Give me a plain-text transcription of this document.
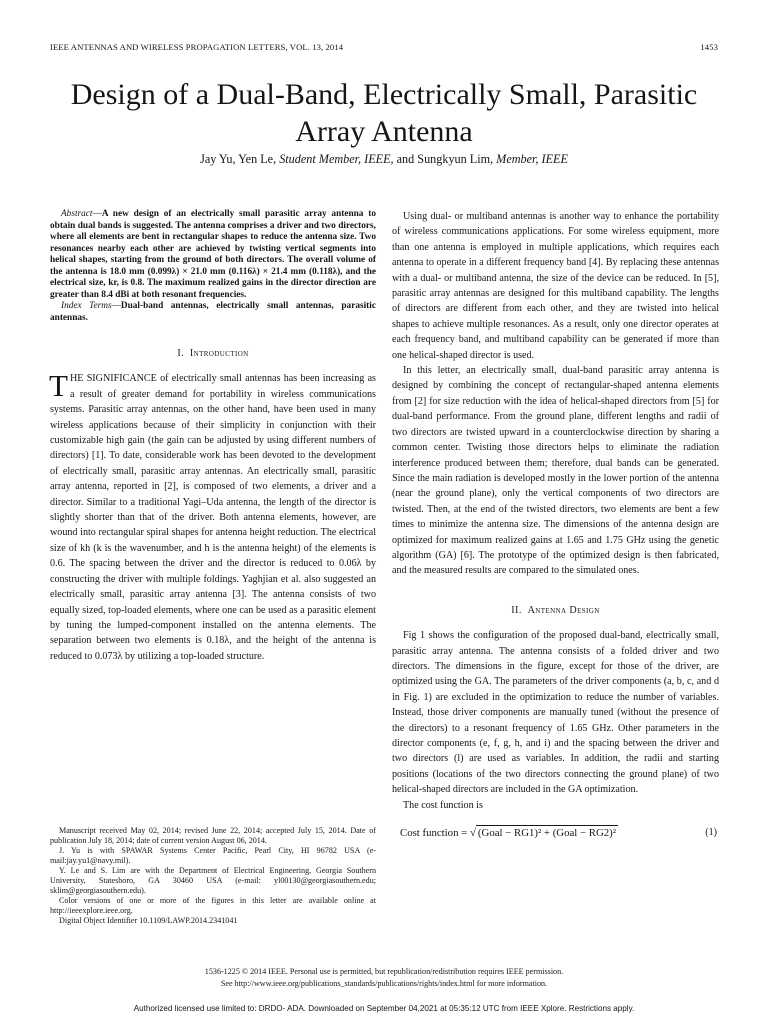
IEEE ANTENNAS AND WIRELESS PROPAGATION LETTERS, VOL. 13, 2014	1453
Design of a Dual-Band, Electrically Small, Parasitic Array Antenna
Jay Yu, Yen Le, Student Member, IEEE, and Sungkyun Lim, Member, IEEE

Abstract—A new design of an electrically small parasitic array antenna to obtain dual bands is suggested. The antenna comprises a driver and two directors, where all elements are bent in rectangular shapes to reduce the antenna size. Two resonances nearby each other are achieved by twisting vertical segments into helical shapes, starting from the ground of both directors. The overall volume of the antenna is 18.0 mm (0.099λ) × 21.0 mm (0.116λ) × 21.4 mm (0.118λ), and the electrical size, kr, is 0.8. The maximum realized gains in the director direction are greater than 8.4 dBi at both resonant frequencies.

Index Terms—Dual-band antennas, electrically small antennas, parasitic antennas.

I. Introduction

THE SIGNIFICANCE of electrically small antennas has been increasing as a result of greater demand for portability in wireless communications systems. Parasitic array antennas, on the other hand, have been used in many wireless applications because of their simplicity in conjunction with their customizable high gain (the gain can be adjusted by using different numbers of directors) [1]. To date, considerable work has been devoted to the development of electrically small, parasitic array antennas. An electrically small, parasitic array antenna, reported in [2], is composed of two elements, a driver and a director. Similar to a traditional Yagi–Uda antenna, the length of the director is slightly shorter than that of the driver. Both antenna elements, however, are wound into rectangular spiral shapes for antenna height reduction. The electrical size of kh (k is the wavenumber, and h is the antenna height) of the elements is 0.6. The spacing between the driver and the director is reduced to 0.06λ by constructing the driver with multiple foldings. Yaghjian et al. also suggested an electrically small, parasitic array antenna [3]. The antenna consists of two equally sized, top-loaded elements, where one can be used as a parasitic element by tuning the lumped-component installed on the antenna elements. The separation between two elements is 0.18λ, and the height of the antenna is reduced to 0.073λ by utilizing a top-loaded structure.

Manuscript received May 02, 2014; revised June 22, 2014; accepted July 15, 2014. Date of publication July 18, 2014; date of current version August 06, 2014.

J. Yu is with SPAWAR Systems Center Pacific, Pearl City, HI 96782 USA (e-mail:jay.yu1@navy.mil).

Y. Le and S. Lim are with the Department of Electrical Engineering, Georgia Southern University, Statesboro, GA 30460 USA (e-mail: yl00130@georgiasouthern.edu; sklim@georgiasouthern.edu).

Color versions of one or more of the figures in this letter are available online at http://ieeexplore.ieee.org.

Digital Object Identifier 10.1109/LAWP.2014.2341041

Using dual- or multiband antennas is another way to enhance the portability of wireless communications applications. For some wireless equipment, more than one antenna is employed in multiple applications, which requires each antenna to operate in a different frequency band [4]. By replacing these antennas with a dual- or multiband antenna, the size of the device can be reduced. In [5], parasitic array antennas are designed for this multiband capability. The lengths of directors are different from each other, and they are twisted into helical shapes to achieve multiple resonances. As a result, only one director operates at each frequency band, and multiband capability can be generated if more than one helical-shaped director is used.

In this letter, an electrically small, dual-band parasitic array antenna is designed by combining the concept of rectangular-shaped antenna elements from [2] for size reduction with the idea of helical-shaped directors from [5] for dual-band performance. From the ground plane, different lengths and radii of two directors are twisted upward in a counterclockwise direction by sharing a common center. Twisting those directors helps to eliminate the radiation interference produced between them; therefore, dual bands can be generated. Since the main radiation is developed mostly in the lower portion of the antenna (near the ground plane), only the vertical components of two directors are twisted. Then, at the end of the twisted directors, two elements are bent a few times to minimize the antenna size. The dimensions of the antenna design are optimized for maximum realized gains at 1.65 and 1.75 GHz using the genetic algorithm (GA) [6]. The prototype of the optimized design is then fabricated, and the measured results are compared to the simulated ones.

II. Antenna Design

Fig 1 shows the configuration of the proposed dual-band, electrically small, parasitic array antenna. The antenna consists of a folded driver and two directors. The dimensions in the figure, except for those of the driver, are optimized using the GA. The parameters of the driver components (a, b, c, and d in Fig. 1) are excluded in the optimization to reduce the number of variables. Instead, those driver components are manually tuned (without the presence of the directors) to a resonant frequency of 1.65 GHz. Other parameters in the director components (e, f, g, h, and i) and the spacing between the driver and two directors (l) are used as variables. In addition, the radii and starting positions (locations of the two directors connecting the ground plane) of two helical-shaped directors are included in the GA optimization.

The cost function is

Cost function = √ (Goal − RG1)² + (Goal − RG2)²	(1)
1536-1225 © 2014 IEEE. Personal use is permitted, but republication/redistribution requires IEEE permission.
See http://www.ieee.org/publications_standards/publications/rights/index.html for more information.
Authorized licensed use limited to: DRDO- ADA. Downloaded on September 04,2021 at 05:35:12 UTC from IEEE Xplore. Restrictions apply.
